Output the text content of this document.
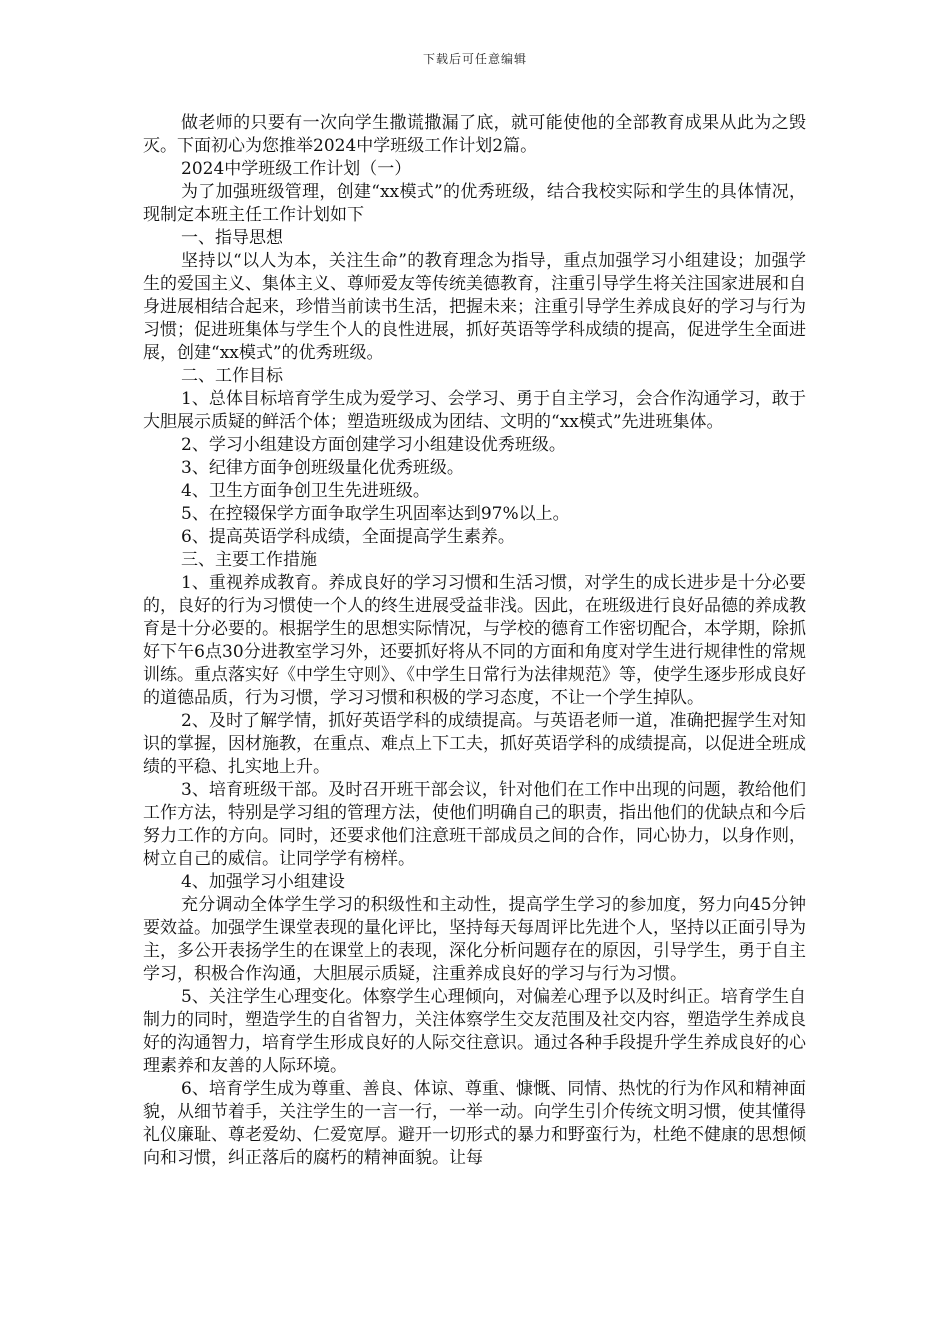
下载后可任意编辑

做老师的只要有一次向学生撒谎撒漏了底，就可能使他的全部教育成果从此为之毁灭。下面初心为您推举2024中学班级工作计划2篇。

2024中学班级工作计划（一）

为了加强班级管理，创建“xx模式”的优秀班级，结合我校实际和学生的具体情况，现制定本班主任工作计划如下

一、指导思想

坚持以“以人为本，关注生命”的教育理念为指导，重点加强学习小组建设；加强学生的爱国主义、集体主义、尊师爱友等传统美德教育，注重引导学生将关注国家进展和自身进展相结合起来，珍惜当前读书生活，把握未来；注重引导学生养成良好的学习与行为习惯；促进班集体与学生个人的良性进展，抓好英语等学科成绩的提高，促进学生全面进展，创建“xx模式”的优秀班级。

二、工作目标

1、总体目标培育学生成为爱学习、会学习、勇于自主学习，会合作沟通学习，敢于大胆展示质疑的鲜活个体；塑造班级成为团结、文明的“xx模式”先进班集体。

2、学习小组建设方面创建学习小组建设优秀班级。

3、纪律方面争创班级量化优秀班级。

4、卫生方面争创卫生先进班级。

5、在控辍保学方面争取学生巩固率达到97%以上。

6、提高英语学科成绩，全面提高学生素养。

三、主要工作措施

1、重视养成教育。养成良好的学习习惯和生活习惯，对学生的成长进步是十分必要的，良好的行为习惯使一个人的终生进展受益非浅。因此，在班级进行良好品德的养成教育是十分必要的。根据学生的思想实际情况，与学校的德育工作密切配合，本学期，除抓好下午6点30分进教室学习外，还要抓好将从不同的方面和角度对学生进行规律性的常规训练。重点落实好《中学生守则》、《中学生日常行为法律规范》等，使学生逐步形成良好的道德品质，行为习惯，学习习惯和积极的学习态度，不让一个学生掉队。

2、及时了解学情，抓好英语学科的成绩提高。与英语老师一道，准确把握学生对知识的掌握，因材施教，在重点、难点上下工夫，抓好英语学科的成绩提高，以促进全班成绩的平稳、扎实地上升。

3、培育班级干部。及时召开班干部会议，针对他们在工作中出现的问题，教给他们工作方法，特别是学习组的管理方法，使他们明确自己的职责，指出他们的优缺点和今后努力工作的方向。同时，还要求他们注意班干部成员之间的合作，同心协力，以身作则，树立自己的威信。让同学学有榜样。

4、加强学习小组建设

充分调动全体学生学习的积级性和主动性，提高学生学习的参加度，努力向45分钟要效益。加强学生课堂表现的量化评比，坚持每天每周评比先进个人，坚持以正面引导为主，多公开表扬学生的在课堂上的表现，深化分析问题存在的原因，引导学生，勇于自主学习，积极合作沟通，大胆展示质疑，注重养成良好的学习与行为习惯。

5、关注学生心理变化。体察学生心理倾向，对偏差心理予以及时纠正。培育学生自制力的同时，塑造学生的自省智力，关注体察学生交友范围及社交内容，塑造学生养成良好的沟通智力，培育学生形成良好的人际交往意识。通过各种手段提升学生养成良好的心理素养和友善的人际环境。

6、培育学生成为尊重、善良、体谅、尊重、慷慨、同情、热忱的行为作风和精神面貌，从细节着手，关注学生的一言一行，一举一动。向学生引介传统文明习惯，使其懂得礼仪廉耻、尊老爱幼、仁爱宽厚。避开一切形式的暴力和野蛮行为，杜绝不健康的思想倾向和习惯，纠正落后的腐朽的精神面貌。让每
